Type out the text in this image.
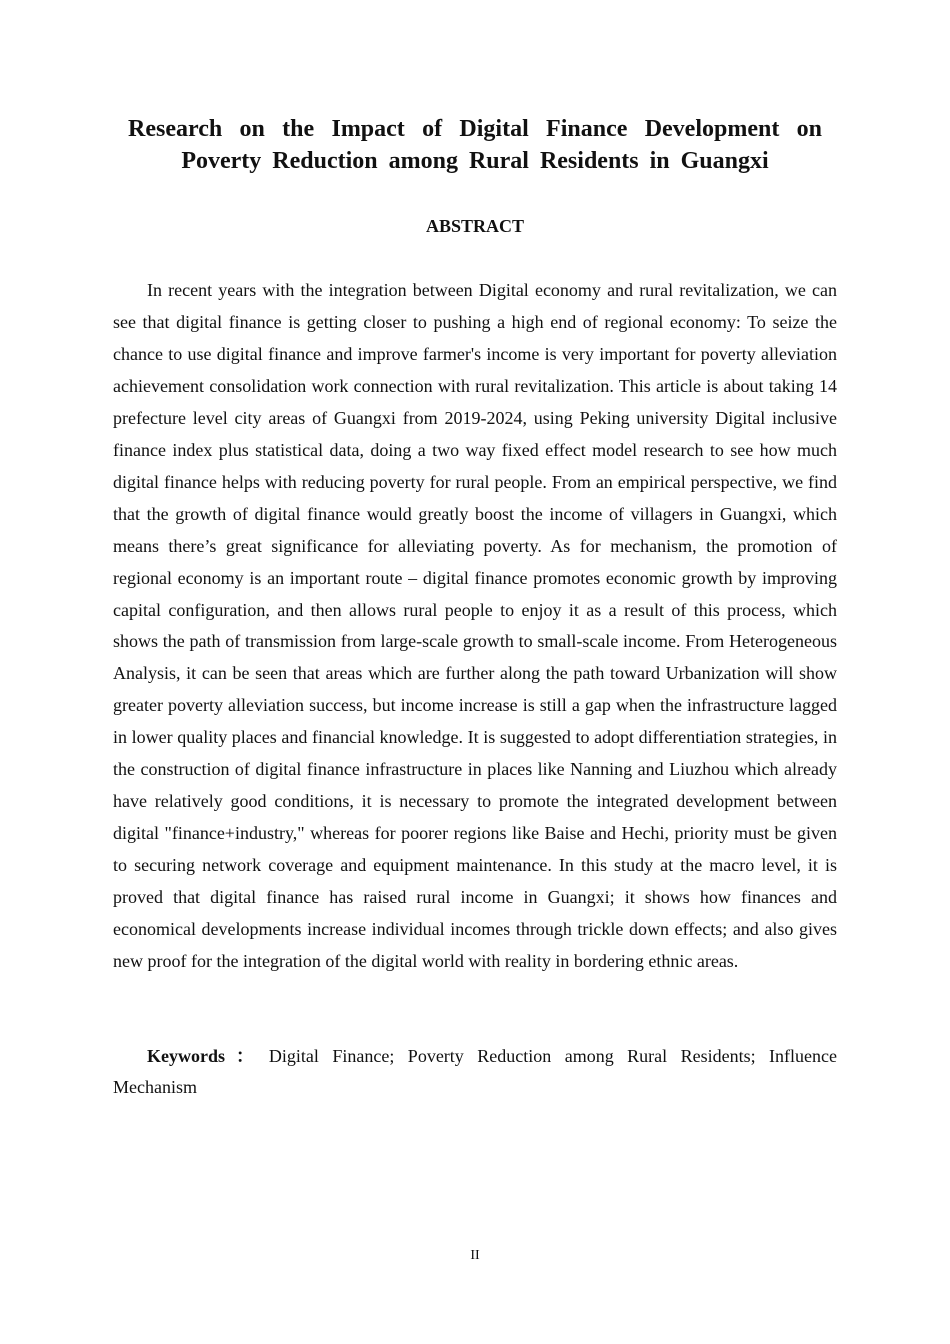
Research on the Impact of Digital Finance Development on Poverty Reduction among Rural Residents in Guangxi
ABSTRACT

In recent years with the integration between Digital economy and rural revitalization, we can see that digital finance is getting closer to pushing a high end of regional economy: To seize the chance to use digital finance and improve farmer's income is very important for poverty alleviation achievement consolidation work connection with rural revitalization. This article is about taking 14 prefecture level city areas of Guangxi from 2019-2024, using Peking university Digital inclusive finance index plus statistical data, doing a two way fixed effect model research to see how much digital finance helps with reducing poverty for rural people. From an empirical perspective, we find that the growth of digital finance would greatly boost the income of villagers in Guangxi, which means there’s great significance for alleviating poverty. As for mechanism, the promotion of regional economy is an important route – digital finance promotes economic growth by improving capital configuration, and then allows rural people to enjoy it as a result of this process, which shows the path of transmission from large-scale growth to small-scale income. From Heterogeneous Analysis, it can be seen that areas which are further along the path toward Urbanization will show greater poverty alleviation success, but income increase is still a gap when the infrastructure lagged in lower quality places and financial knowledge. It is suggested to adopt differentiation strategies, in the construction of digital finance infrastructure in places like Nanning and Liuzhou which already have relatively good conditions, it is necessary to promote the integrated development between digital "finance+industry," whereas for poorer regions like Baise and Hechi, priority must be given to securing network coverage and equipment maintenance. In this study at the macro level, it is proved that digital finance has raised rural income in Guangxi; it shows how finances and economical developments increase individual incomes through trickle down effects; and also gives new proof for the integration of the digital world with reality in bordering ethnic areas.

Keywords ： Digital Finance; Poverty Reduction among Rural Residents; Influence Mechanism

II
